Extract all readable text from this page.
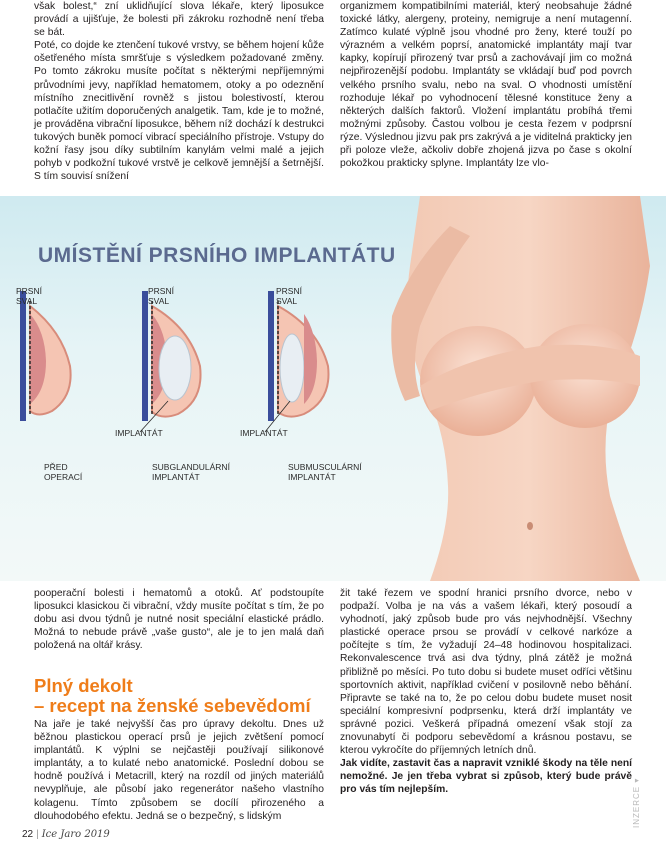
však bolest,“ zní uklidňující slova lékaře, který liposukce provádí a ujišťuje, že bolesti při zákroku rozhodně není třeba se bát.

Poté, co dojde ke ztenčení tukové vrstvy, se během hojení kůže ošetřeného místa smršťuje s výsledkem požadované změny. Po tomto zákroku musíte počítat s některými nepříjemnými průvodními jevy, například hematomem, otoky a po odeznění místního znecitlivění rovněž s jistou bolestivostí, kterou potlačíte užitím doporučených analgetik. Tam, kde je to možné, je prováděna vibrační liposukce, během níž dochází k destrukci tukových buněk pomocí vibrací speciálního přístroje. Vstupy do kožní řasy jsou díky subtilním kanylám velmi malé a jejich pohyb v podkožní tukové vrstvě je celkově jemnější a šetrnější. S tím souvisí snížení

organizmem kompatibilními materiál, který neobsahuje žádné toxické látky, alergeny, proteiny, nemigruje a není mutagenní. Zatímco kulaté výplně jsou vhodné pro ženy, které touží po výrazném a velkém poprsí, anatomické implantáty mají tvar kapky, kopírují přirozený tvar prsů a zachovávají jim co možná nejpřirozenější podobu. Implantáty se vkládají buď pod povrch velkého prsního svalu, nebo na sval. O vhodnosti umístění rozhoduje lékař po vyhodnocení tělesné konstituce ženy a některých dalších faktorů. Vložení implantátu probíhá třemi možnými způsoby. Častou volbou je cesta řezem v podprsní rýze. Výslednou jizvu pak prs zakrývá a je viditelná prakticky jen při poloze vleže, ačkoliv dobře zhojená jizva po čase s okolní pokožkou prakticky splyne. Implantáty lze vlo-

UMÍSTĚNÍ PRSNÍHO IMPLANTÁTU
PRSNÍ
SVAL
PRSNÍ
SVAL
PRSNÍ
SVAL
IMPLANTÁT	IMPLANTÁT
PŘED
OPERACÍ
SUBGLANDULÁRNÍ
IMPLANTÁT
SUBMUSCULÁRNÍ
IMPLANTÁT

pooperační bolesti i hematomů a otoků. Ať podstoupíte liposukci klasickou či vibrační, vždy musíte počítat s tím, že po dobu asi dvou týdnů je nutné nosit speciální elastické prádlo. Možná to nebude právě „vaše gusto“, ale je to jen malá daň položená na oltář krásy.

Plný dekolt
– recept na ženské sebevědomí

Na jaře je také nejvyšší čas pro úpravy dekoltu. Dnes už běžnou plastickou operací prsů je jejich zvětšení pomocí implantátů. K výplni se nejčastěji používají silikonové implantáty, a to kulaté nebo anatomické. Poslední dobou se hodně používá i Metacrill, který na rozdíl od jiných materiálů nevyplňuje, ale působí jako regenerátor našeho vlastního kolagenu. Tímto způsobem se docílí přirozeného a dlouhodobého efektu. Jedná se o bezpečný, s lidským

žit také řezem ve spodní hranici prsního dvorce, nebo v podpaží. Volba je na vás a vašem lékaři, který posoudí a vyhodnotí, jaký způsob bude pro vás nejvhodnější. Všechny plastické operace prsou se provádí v celkové narkóze a počítejte s tím, že vyžadují 24–48 hodinovou hospitalizaci. Rekonvalescence trvá asi dva týdny, plná zátěž je možná přibližně po měsíci. Po tuto dobu si budete muset odříci většinu sportovních aktivit, například cvičení v posilovně nebo běhání. Připravte se také na to, že po celou dobu budete muset nosit speciální kompresivní podprsenku, která drží implantáty ve správné pozici. Veškerá případná omezení však stojí za znovunabytí či podporu sebevědomí a krásnou postavu, se kterou vykročíte do příjemných letních dnů.

Jak vidíte, zastavit čas a napravit vzniklé škody na těle není nemožné. Je jen třeba vybrat si způsob, který bude právě pro vás tím nejlepším.

22 | Ice Jaro 2019
INZERCE ▾
